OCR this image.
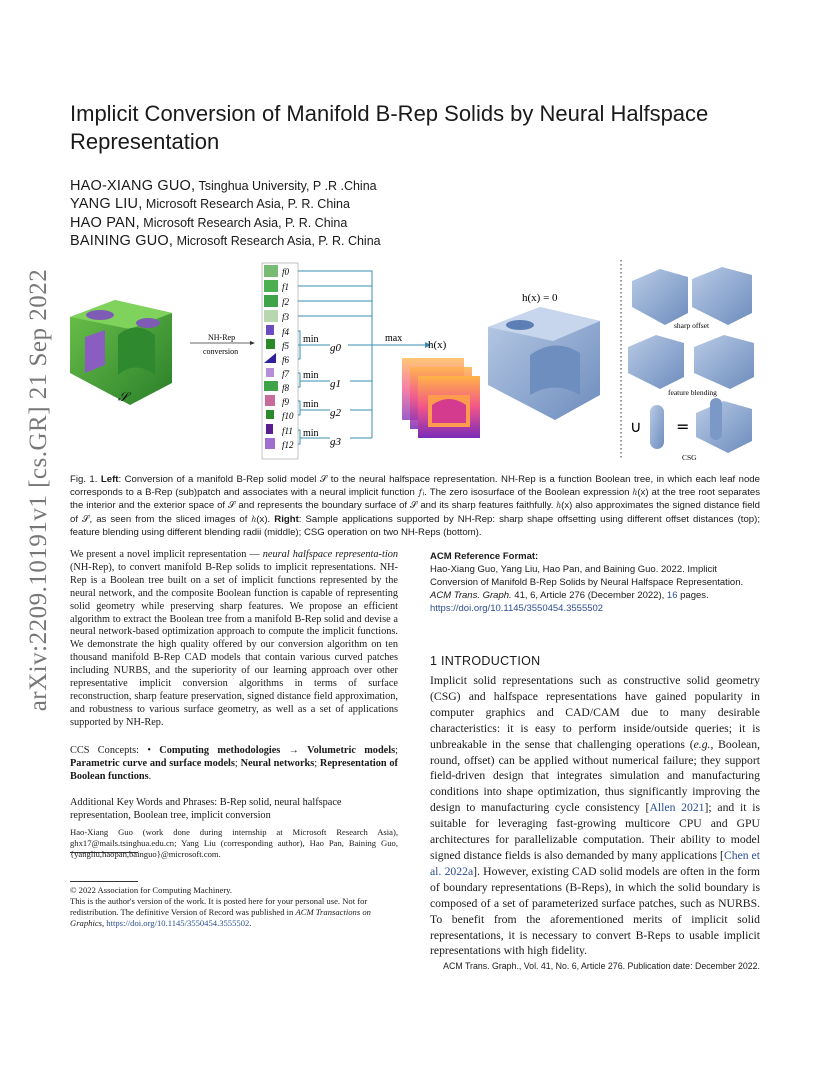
arXiv:2209.10191v1 [cs.GR] 21 Sep 2022
Implicit Conversion of Manifold B-Rep Solids by Neural Halfspace Representation
HAO-XIANG GUO, Tsinghua University, P .R .China
YANG LIU, Microsoft Research Asia, P. R. China
HAO PAN, Microsoft Research Asia, P. R. China
BAINING GUO, Microsoft Research Asia, P. R. China
𝒮
NH-Rep
conversion
f0
f1
f2
f3
f4
f5
f6
f7
f8
f9
f10
f11
f12
min
g0
min
g1
min
g2
min
g3
max
h(x)
h(x) = 0
sharp offset
feature blending
∪ =
CSG
Fig. 1. Left: Conversion of a manifold B-Rep solid model 𝒮 to the neural halfspace representation. NH-Rep is a function Boolean tree, in which each leaf node corresponds to a B-Rep (sub)patch and associates with a neural implicit function 𝑓ᵢ. The zero isosurface of the Boolean expression ℎ(x) at the tree root separates the interior and the exterior space of 𝒮 and represents the boundary surface of 𝒮 and its sharp features faithfully. ℎ(x) also approximates the signed distance field of 𝒮, as seen from the sliced images of ℎ(x). Right: Sample applications supported by NH-Rep: sharp shape offsetting using different offset distances (top); feature blending using different blending radii (middle); CSG operation on two NH-Reps (bottom).
We present a novel implicit representation — neural halfspace representa-tion (NH-Rep), to convert manifold B-Rep solids to implicit representations. NH-Rep is a Boolean tree built on a set of implicit functions represented by the neural network, and the composite Boolean function is capable of representing solid geometry while preserving sharp features. We propose an efficient algorithm to extract the Boolean tree from a manifold B-Rep solid and devise a neural network-based optimization approach to compute the implicit functions. We demonstrate the high quality offered by our conversion algorithm on ten thousand manifold B-Rep CAD models that contain various curved patches including NURBS, and the superiority of our learning approach over other representative implicit conversion algorithms in terms of surface reconstruction, sharp feature preservation, signed distance field approximation, and robustness to various surface geometry, as well as a set of applications supported by NH-Rep.
CCS Concepts: • Computing methodologies → Volumetric models; Parametric curve and surface models; Neural networks; Representation of Boolean functions.
Additional Key Words and Phrases: B-Rep solid, neural halfspace representation, Boolean tree, implicit conversion
Hao-Xiang Guo (work done during internship at Microsoft Research Asia), ghx17@mails.tsinghua.edu.cn; Yang Liu (corresponding author), Hao Pan, Baining Guo, {yangliu,haopan,bainguo}@microsoft.com.
© 2022 Association for Computing Machinery.
This is the author's version of the work. It is posted here for your personal use. Not for redistribution. The definitive Version of Record was published in ACM Transactions on Graphics, https://doi.org/10.1145/3550454.3555502.
ACM Reference Format:
Hao-Xiang Guo, Yang Liu, Hao Pan, and Baining Guo. 2022. Implicit Conversion of Manifold B-Rep Solids by Neural Halfspace Representation. ACM Trans. Graph. 41, 6, Article 276 (December 2022), 16 pages. https://doi.org/10.1145/3550454.3555502
1 INTRODUCTION
Implicit solid representations such as constructive solid geometry (CSG) and halfspace representations have gained popularity in computer graphics and CAD/CAM due to many desirable characteristics: it is easy to perform inside/outside queries; it is unbreakable in the sense that challenging operations (e.g., Boolean, round, offset) can be applied without numerical failure; they support field-driven design that integrates simulation and manufacturing conditions into shape optimization, thus significantly improving the design to manufacturing cycle consistency [Allen 2021]; and it is suitable for leveraging fast-growing multicore CPU and GPU architectures for parallelizable computation. Their ability to model signed distance fields is also demanded by many applications [Chen et al. 2022a]. However, existing CAD solid models are often in the form of boundary representations (B-Reps), in which the solid boundary is composed of a set of parameterized surface patches, such as NURBS. To benefit from the aforementioned merits of implicit solid representations, it is necessary to convert B-Reps to usable implicit representations with high fidelity.
ACM Trans. Graph., Vol. 41, No. 6, Article 276. Publication date: December 2022.
